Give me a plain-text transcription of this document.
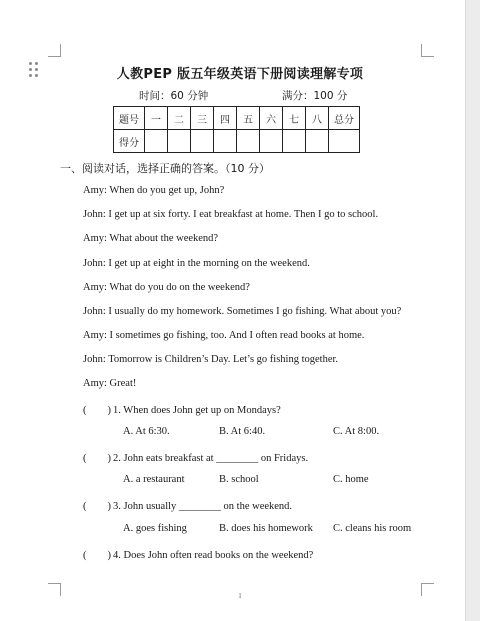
人教PEP 版五年级英语下册阅读理解专项
时间：60 分钟	满分：100 分
题号	一	二	三	四	五	六	七	八	总分
得分									
一、阅读对话，选择正确的答案。（10 分）
Amy: When do you get up, John?
John: I get up at six forty. I eat breakfast at home. Then I go to school.
Amy: What about the weekend?
John: I get up at eight in the morning on the weekend.
Amy: What do you do on the weekend?
John: I usually do my homework. Sometimes I go fishing. What about you?
Amy: I sometimes go fishing, too. And I often read books at home.
John: Tomorrow is Children’s Day. Let’s go fishing together.
Amy: Great!
(　　) 1. When does John get up on Mondays?
A. At 6:30.	B. At 6:40.	C. At 8:00.
(　　) 2. John eats breakfast at ________ on Fridays.
A. a restaurant	B. school	C. home
(　　) 3. John usually ________ on the weekend.
A. goes fishing	B. does his homework C. cleans his room
(　　) 4. Does John often read books on the weekend?
1
